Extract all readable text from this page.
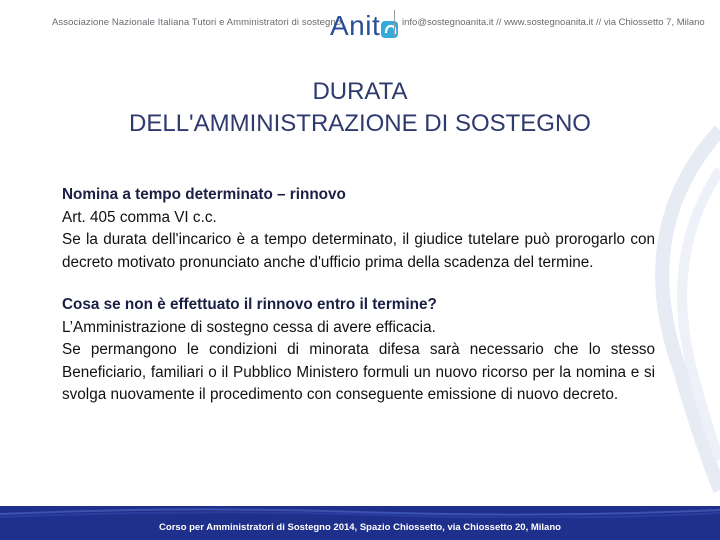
Associazione Nazionale Italiana Tutori e Amministratori di sostegno
Anit info@sostegnoanita.it // www.sostegnoanita.it // via Chiossetto 7, Milano
DURATA
DELL'AMMINISTRAZIONE DI SOSTEGNO

Nomina a tempo determinato – rinnovo

Art. 405 comma VI c.c.

Se la durata dell'incarico è a tempo determinato, il giudice tutelare può prorogarlo con decreto motivato pronunciato anche d'ufficio prima della scadenza del termine.

Cosa se non è effettuato il rinnovo entro il termine?

L’Amministrazione di sostegno cessa di avere efficacia.

Se permangono le condizioni di minorata difesa sarà necessario che lo stesso Beneficiario, familiari o il Pubblico Ministero formuli un nuovo ricorso per la nomina e si svolga nuovamente il procedimento con conseguente emissione di nuovo decreto.

Corso per Amministratori di Sostegno 2014, Spazio Chiossetto, via Chiossetto 20, Milano
